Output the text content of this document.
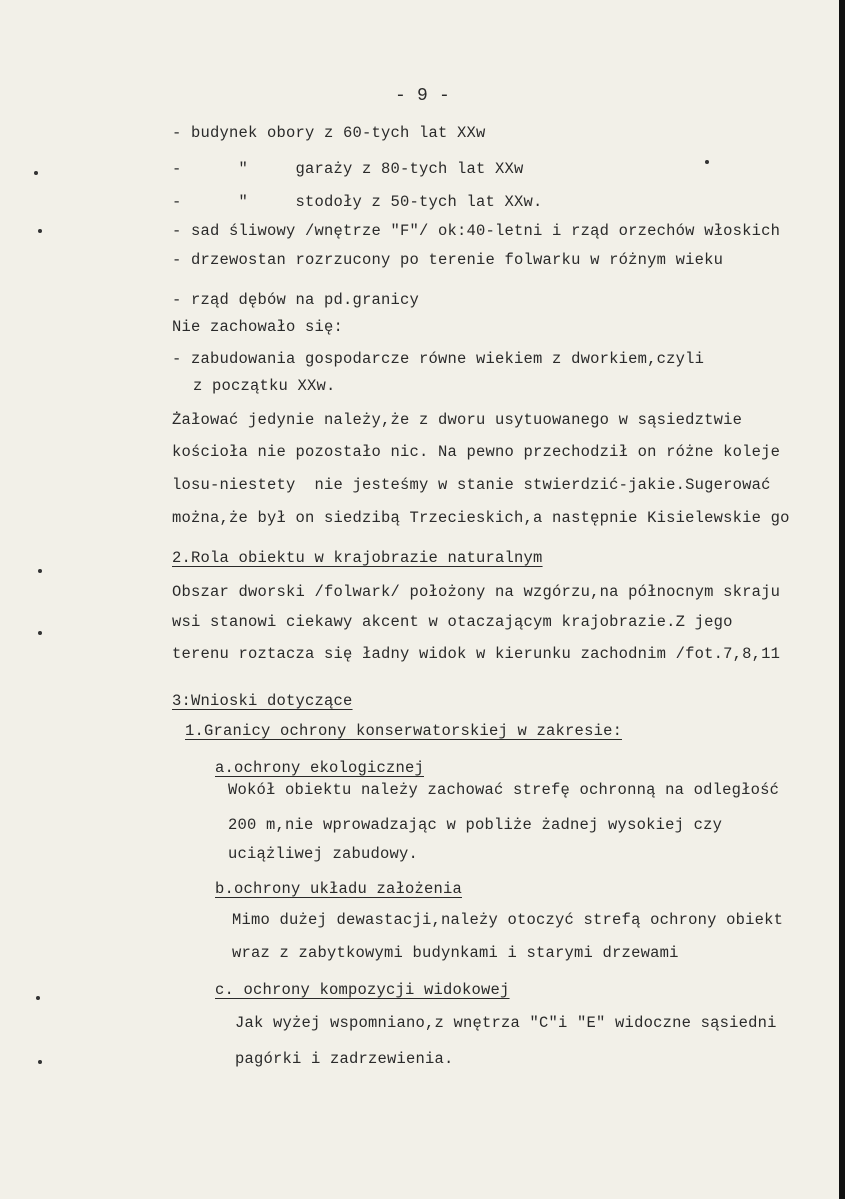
- 9 -
- budynek obory z 60-tych lat XXw
-      "     garaży z 80-tych lat XXw
-      "     stodoły z 50-tych lat XXw.
- sad śliwowy /wnętrze "F"/ ok:40-letni i rząd orzechów włoskich
- drzewostan rozrzucony po terenie folwarku w różnym wieku
- rząd dębów na pd.granicy
Nie zachowało się:
- zabudowania gospodarcze równe wiekiem z dworkiem,czyli
z początku XXw.
Żałować jedynie należy,że z dworu usytuowanego w sąsiedztwie
kościoła nie pozostało nic. Na pewno przechodził on różne koleje
losu-niestety  nie jesteśmy w stanie stwierdzić-jakie.Sugerować
można,że był on siedzibą Trzecieskich,a następnie Kisielewskie go
2.Rola obiektu w krajobrazie naturalnym
Obszar dworski /folwark/ położony na wzgórzu,na północnym skraju
wsi stanowi ciekawy akcent w otaczającym krajobrazie.Z jego
terenu roztacza się ładny widok w kierunku zachodnim /fot.7,8,11
3:Wnioski dotyczące
1.Granicy ochrony konserwatorskiej w zakresie:
a.ochrony ekologicznej
Wokół obiektu należy zachować strefę ochronną na odległość
200 m,nie wprowadzając w pobliże żadnej wysokiej czy
uciążliwej zabudowy.
b.ochrony układu założenia
Mimo dużej dewastacji,należy otoczyć strefą ochrony obiekt
wraz z zabytkowymi budynkami i starymi drzewami
c. ochrony kompozycji widokowej
Jak wyżej wspomniano,z wnętrza "C"i "E" widoczne sąsiedni
pagórki i zadrzewienia.
